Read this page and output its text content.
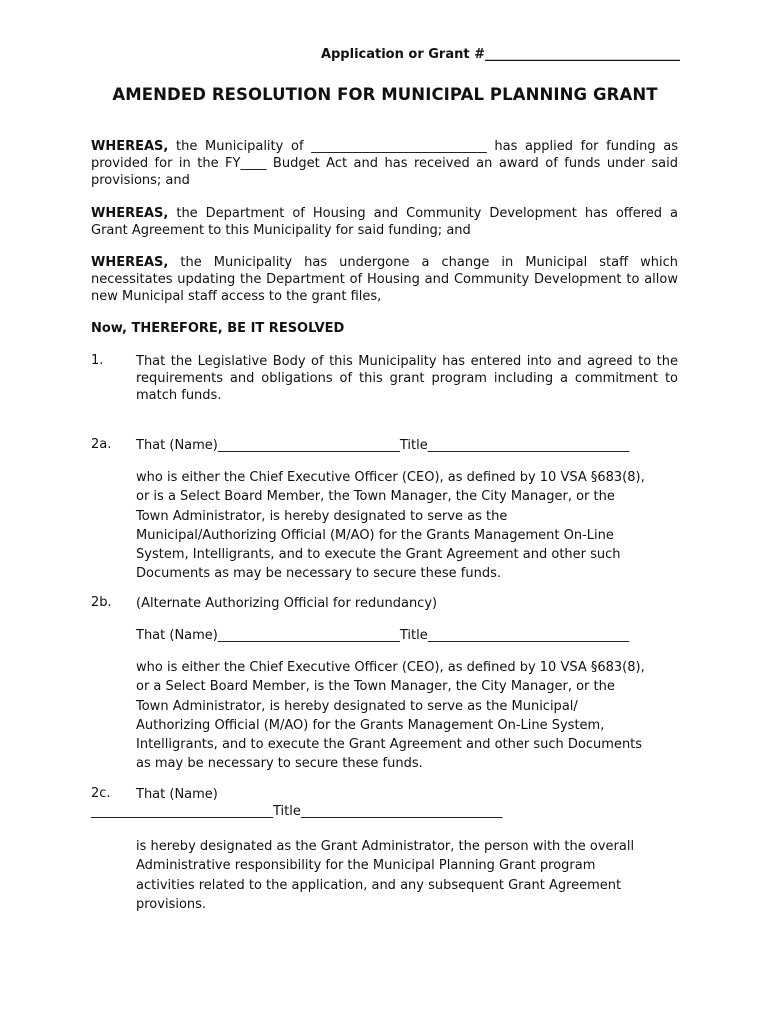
Application or Grant #______________________________
AMENDED RESOLUTION FOR MUNICIPAL PLANNING GRANT
WHEREAS, the Municipality of ___________________________ has applied for funding as provided for in the FY____ Budget Act and has received an award of funds under said provisions; and
WHEREAS, the Department of Housing and Community Development has offered a Grant Agreement to this Municipality for said funding; and
WHEREAS, the Municipality has undergone a change in Municipal staff which necessitates updating the Department of Housing and Community Development to allow new Municipal staff access to the grant files,
Now, THEREFORE, BE IT RESOLVED
1.	That the Legislative Body of this Municipality has entered into and agreed to the requirements and obligations of this grant program including a commitment to match funds.
2a. That (Name)____________________________Title_______________________________
who is either the Chief Executive Officer (CEO), as defined by 10 VSA §683(8),
or is a Select Board Member, the Town Manager, the City Manager, or the
Town Administrator, is hereby designated to serve as the
Municipal/Authorizing Official (M/AO) for the Grants Management On-Line
System, Intelligrants, and to execute the Grant Agreement and other such
Documents as may be necessary to secure these funds.
2b. (Alternate Authorizing Official for redundancy)
That (Name)____________________________Title_______________________________
who is either the Chief Executive Officer (CEO), as defined by 10 VSA §683(8),
or a Select Board Member, is the Town Manager, the City Manager, or the
Town Administrator, is hereby designated to serve as the Municipal/
Authorizing Official (M/AO) for the Grants Management On-Line System,
Intelligrants, and to execute the Grant Agreement and other such Documents
as may be necessary to secure these funds.
2c. That (Name)
____________________________Title_______________________________
is hereby designated as the Grant Administrator, the person with the overall
Administrative responsibility for the Municipal Planning Grant program
activities related to the application, and any subsequent Grant Agreement
provisions.
